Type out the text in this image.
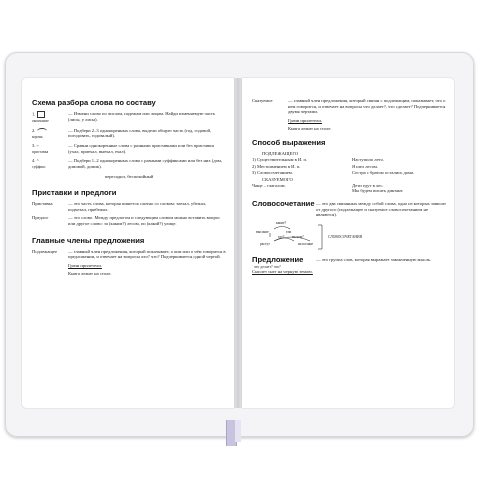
Схема разбора слова по составу
1.
окончание
— Измени слово по числам, падежам или лицам. Найди изменяемую часть (лисы, у лисы).
2.
корень
— Подбери 2–3 однокоренных слова, выдели общую часть (год, годовой, погодовать, годовалый).
3. ⌐
приставка
— Сравни однокоренные слова с разными приставками или без приставки (ухал, приехал, выехал, ехал).
4. ^
суффикс
— Подбери 1–2 однокоренных слова с разными суффиксами или без них (дом, домовой, домик).
пересадил, беспокойный
Приставки и предлоги
Приставка	— это часть слова, которая пишется слитно со словом: заехал, убежал, подъехал, прибежал.
Предлог	— это слово. Между предлогом и следующим словом можно вставить вопрос или другое слово: за (каким?) лесом, по (какой?) улице.
Главные члены предложения
Подлежащее	— главный член предложения, который показывает, о ком или о чём говорится в предложении, и отвечает на вопросы кто? что? Подчеркивается одной чертой.
Грачи прилетели.
Книга лежит на столе.
Сказуемое	— главный член предложения, который связан с подлежащим, показывает, что о нем говорится, и отвечает на вопросы что делает?, что сделает? Подчеркивается двумя чертами.
Грачи прилетели.
Книга лежит на столе.
Способ выражения
ПОДЛЕЖАЩЕГО
1) Существительным в И. п.	Наступило лето.
2) Местоимением в И. п.	Я шел лесом.
3) Словосочетанием.	Сестра с братом остались дома.
СКАЗУЕМОГО
Чаще – глаголом.	Дети едут в лес.
Мы будем писать диктант.
Словосочетание — это два связанных между собой слова, одно из которых зависит от другого (подлежащее и сказуемое словосочетанием не являются).
какие?
высокие	ели
где? на чем?
растут	на поляне
СЛОВОСОЧЕТАНИЯ
Предложение	— это группа слов, которая выражает законченную мысль.
что делает? что?
Сыплет снег на черную землю.
